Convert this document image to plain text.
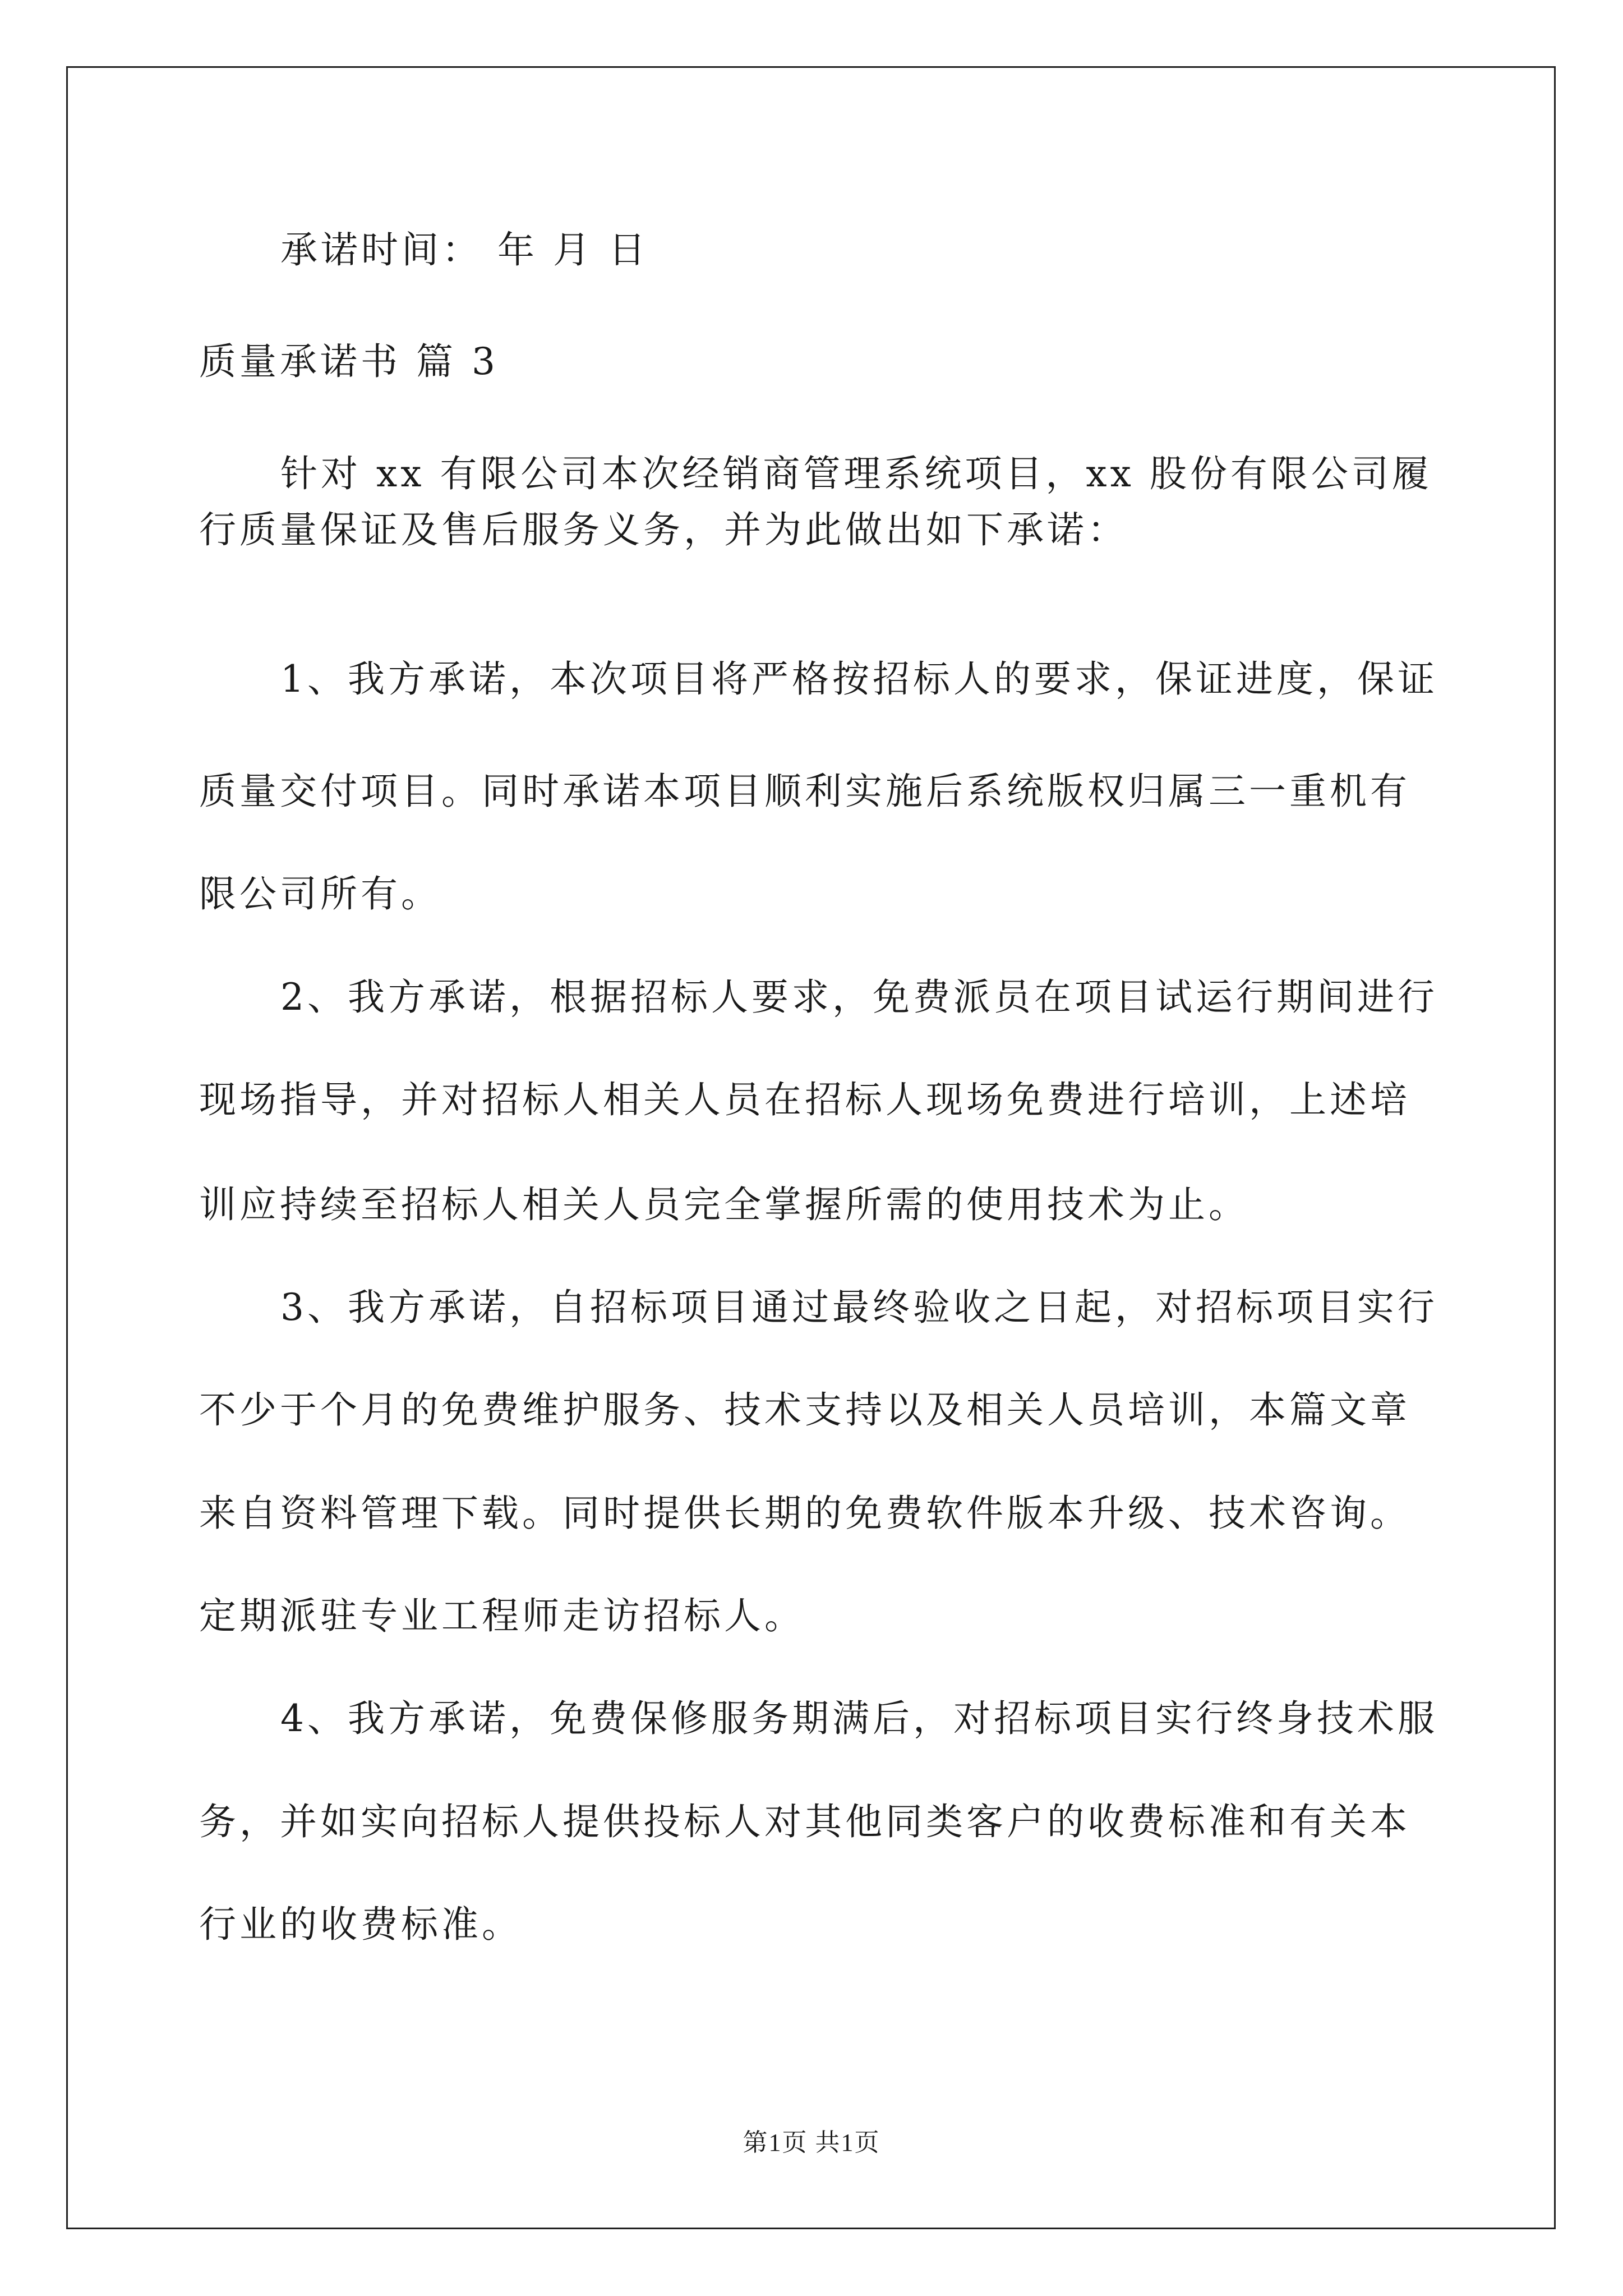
承诺时间： 年 月 日
质量承诺书 篇 3
针对 xx 有限公司本次经销商管理系统项目，xx 股份有限公司履
行质量保证及售后服务义务，并为此做出如下承诺：
1、我方承诺，本次项目将严格按招标人的要求，保证进度，保证
质量交付项目。同时承诺本项目顺利实施后系统版权归属三一重机有
限公司所有。
2、我方承诺，根据招标人要求，免费派员在项目试运行期间进行
现场指导，并对招标人相关人员在招标人现场免费进行培训，上述培
训应持续至招标人相关人员完全掌握所需的使用技术为止。
3、我方承诺，自招标项目通过最终验收之日起，对招标项目实行
不少于个月的免费维护服务、技术支持以及相关人员培训，本篇文章
来自资料管理下载。同时提供长期的免费软件版本升级、技术咨询。
定期派驻专业工程师走访招标人。
4、我方承诺，免费保修服务期满后，对招标项目实行终身技术服
务，并如实向招标人提供投标人对其他同类客户的收费标准和有关本
行业的收费标准。
第1页 共1页
